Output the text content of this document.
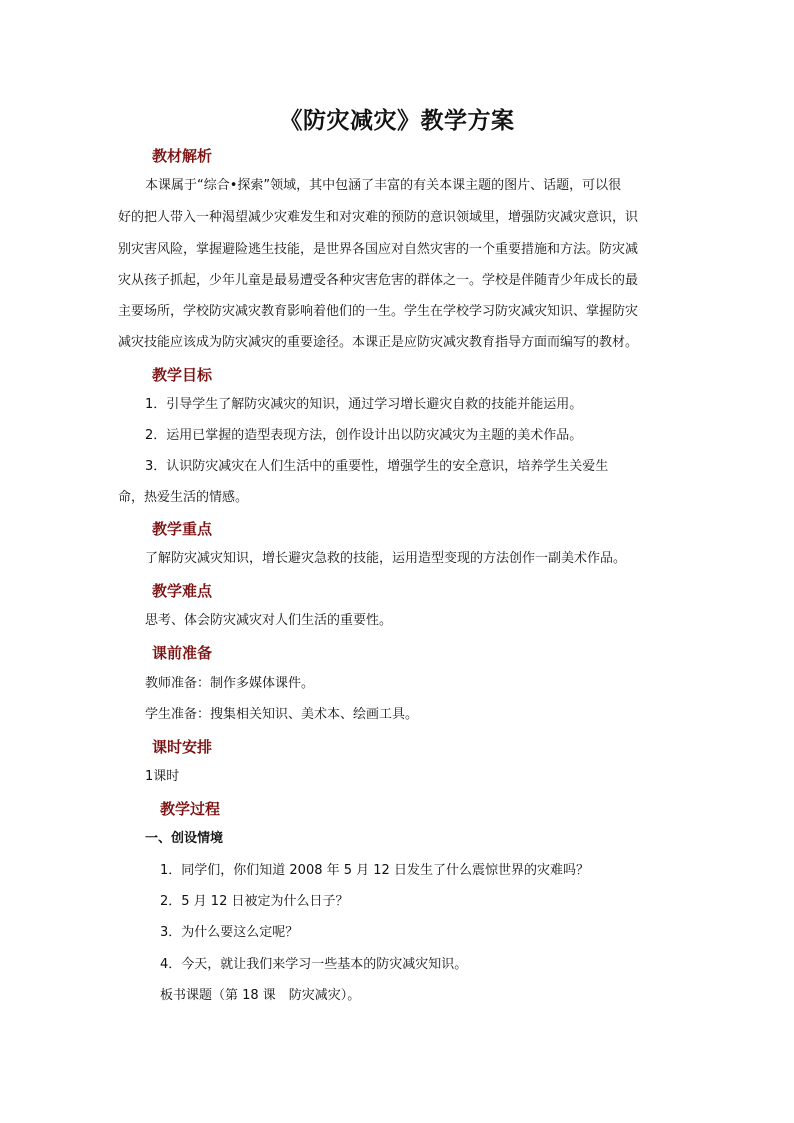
《防灾减灾》教学方案
教材解析
本课属于“综合•探索”领域，其中包涵了丰富的有关本课主题的图片、话题，可以很
好的把人带入一种渴望减少灾难发生和对灾难的预防的意识领域里，增强防灾减灾意识，识
别灾害风险，掌握避险逃生技能，是世界各国应对自然灾害的一个重要措施和方法。防灾减
灾从孩子抓起，少年儿童是最易遭受各种灾害危害的群体之一。学校是伴随青少年成长的最
主要场所，学校防灾减灾教育影响着他们的一生。学生在学校学习防灾减灾知识、掌握防灾
减灾技能应该成为防灾减灾的重要途径。本课正是应防灾减灾教育指导方面而编写的教材。
教学目标
1．引导学生了解防灾减灾的知识，通过学习增长避灾自救的技能并能运用。
2．运用已掌握的造型表现方法，创作设计出以防灾减灾为主题的美术作品。
3．认识防灾减灾在人们生活中的重要性，增强学生的安全意识，培养学生关爱生
命，热爱生活的情感。
教学重点
了解防灾减灾知识，增长避灾急救的技能，运用造型变现的方法创作一副美术作品。
教学难点
思考、体会防灾减灾对人们生活的重要性。
课前准备
教师准备：制作多媒体课件。
学生准备：搜集相关知识、美术本、绘画工具。
课时安排
1课时
教学过程
一、创设情境
1．同学们，你们知道 2008 年 5 月 12 日发生了什么震惊世界的灾难吗？
2．5 月 12 日被定为什么日子？
3．为什么要这么定呢？
4．今天，就让我们来学习一些基本的防灾减灾知识。
板书课题（第 18 课　防灾减灾）。
